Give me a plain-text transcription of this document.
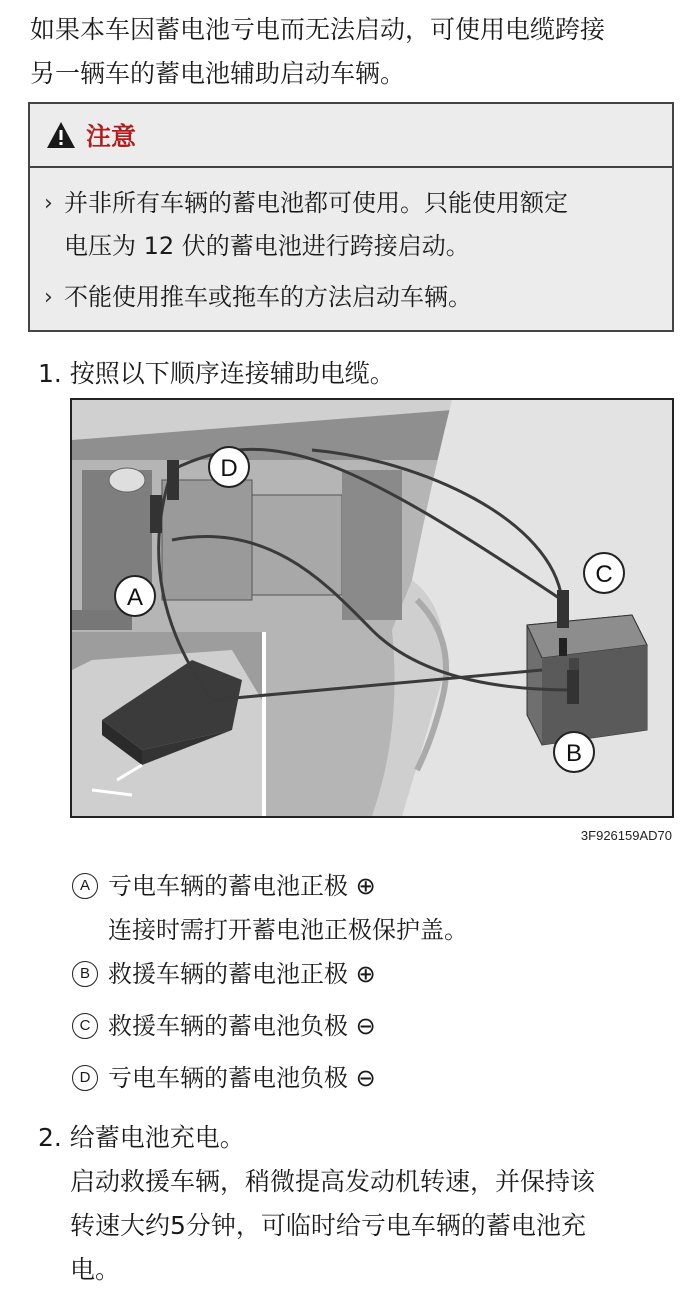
如果本车因蓄电池亏电而无法启动，可使用电缆跨接
另一辆车的蓄电池辅助启动车辆。
注意
› 并非所有车辆的蓄电池都可使用。只能使用额定
电压为 12 伏的蓄电池进行跨接启动。
› 不能使用推车或拖车的方法启动车辆。
1. 按照以下顺序连接辅助电缆。
A
B
C
D
3F926159AD70
A 亏电车辆的蓄电池正极 ⊕
连接时需打开蓄电池正极保护盖。
B 救援车辆的蓄电池正极 ⊕
C 救援车辆的蓄电池负极 ⊖
D 亏电车辆的蓄电池负极 ⊖
2. 给蓄电池充电。
启动救援车辆，稍微提高发动机转速，并保持该
转速大约5分钟，可临时给亏电车辆的蓄电池充
电。
